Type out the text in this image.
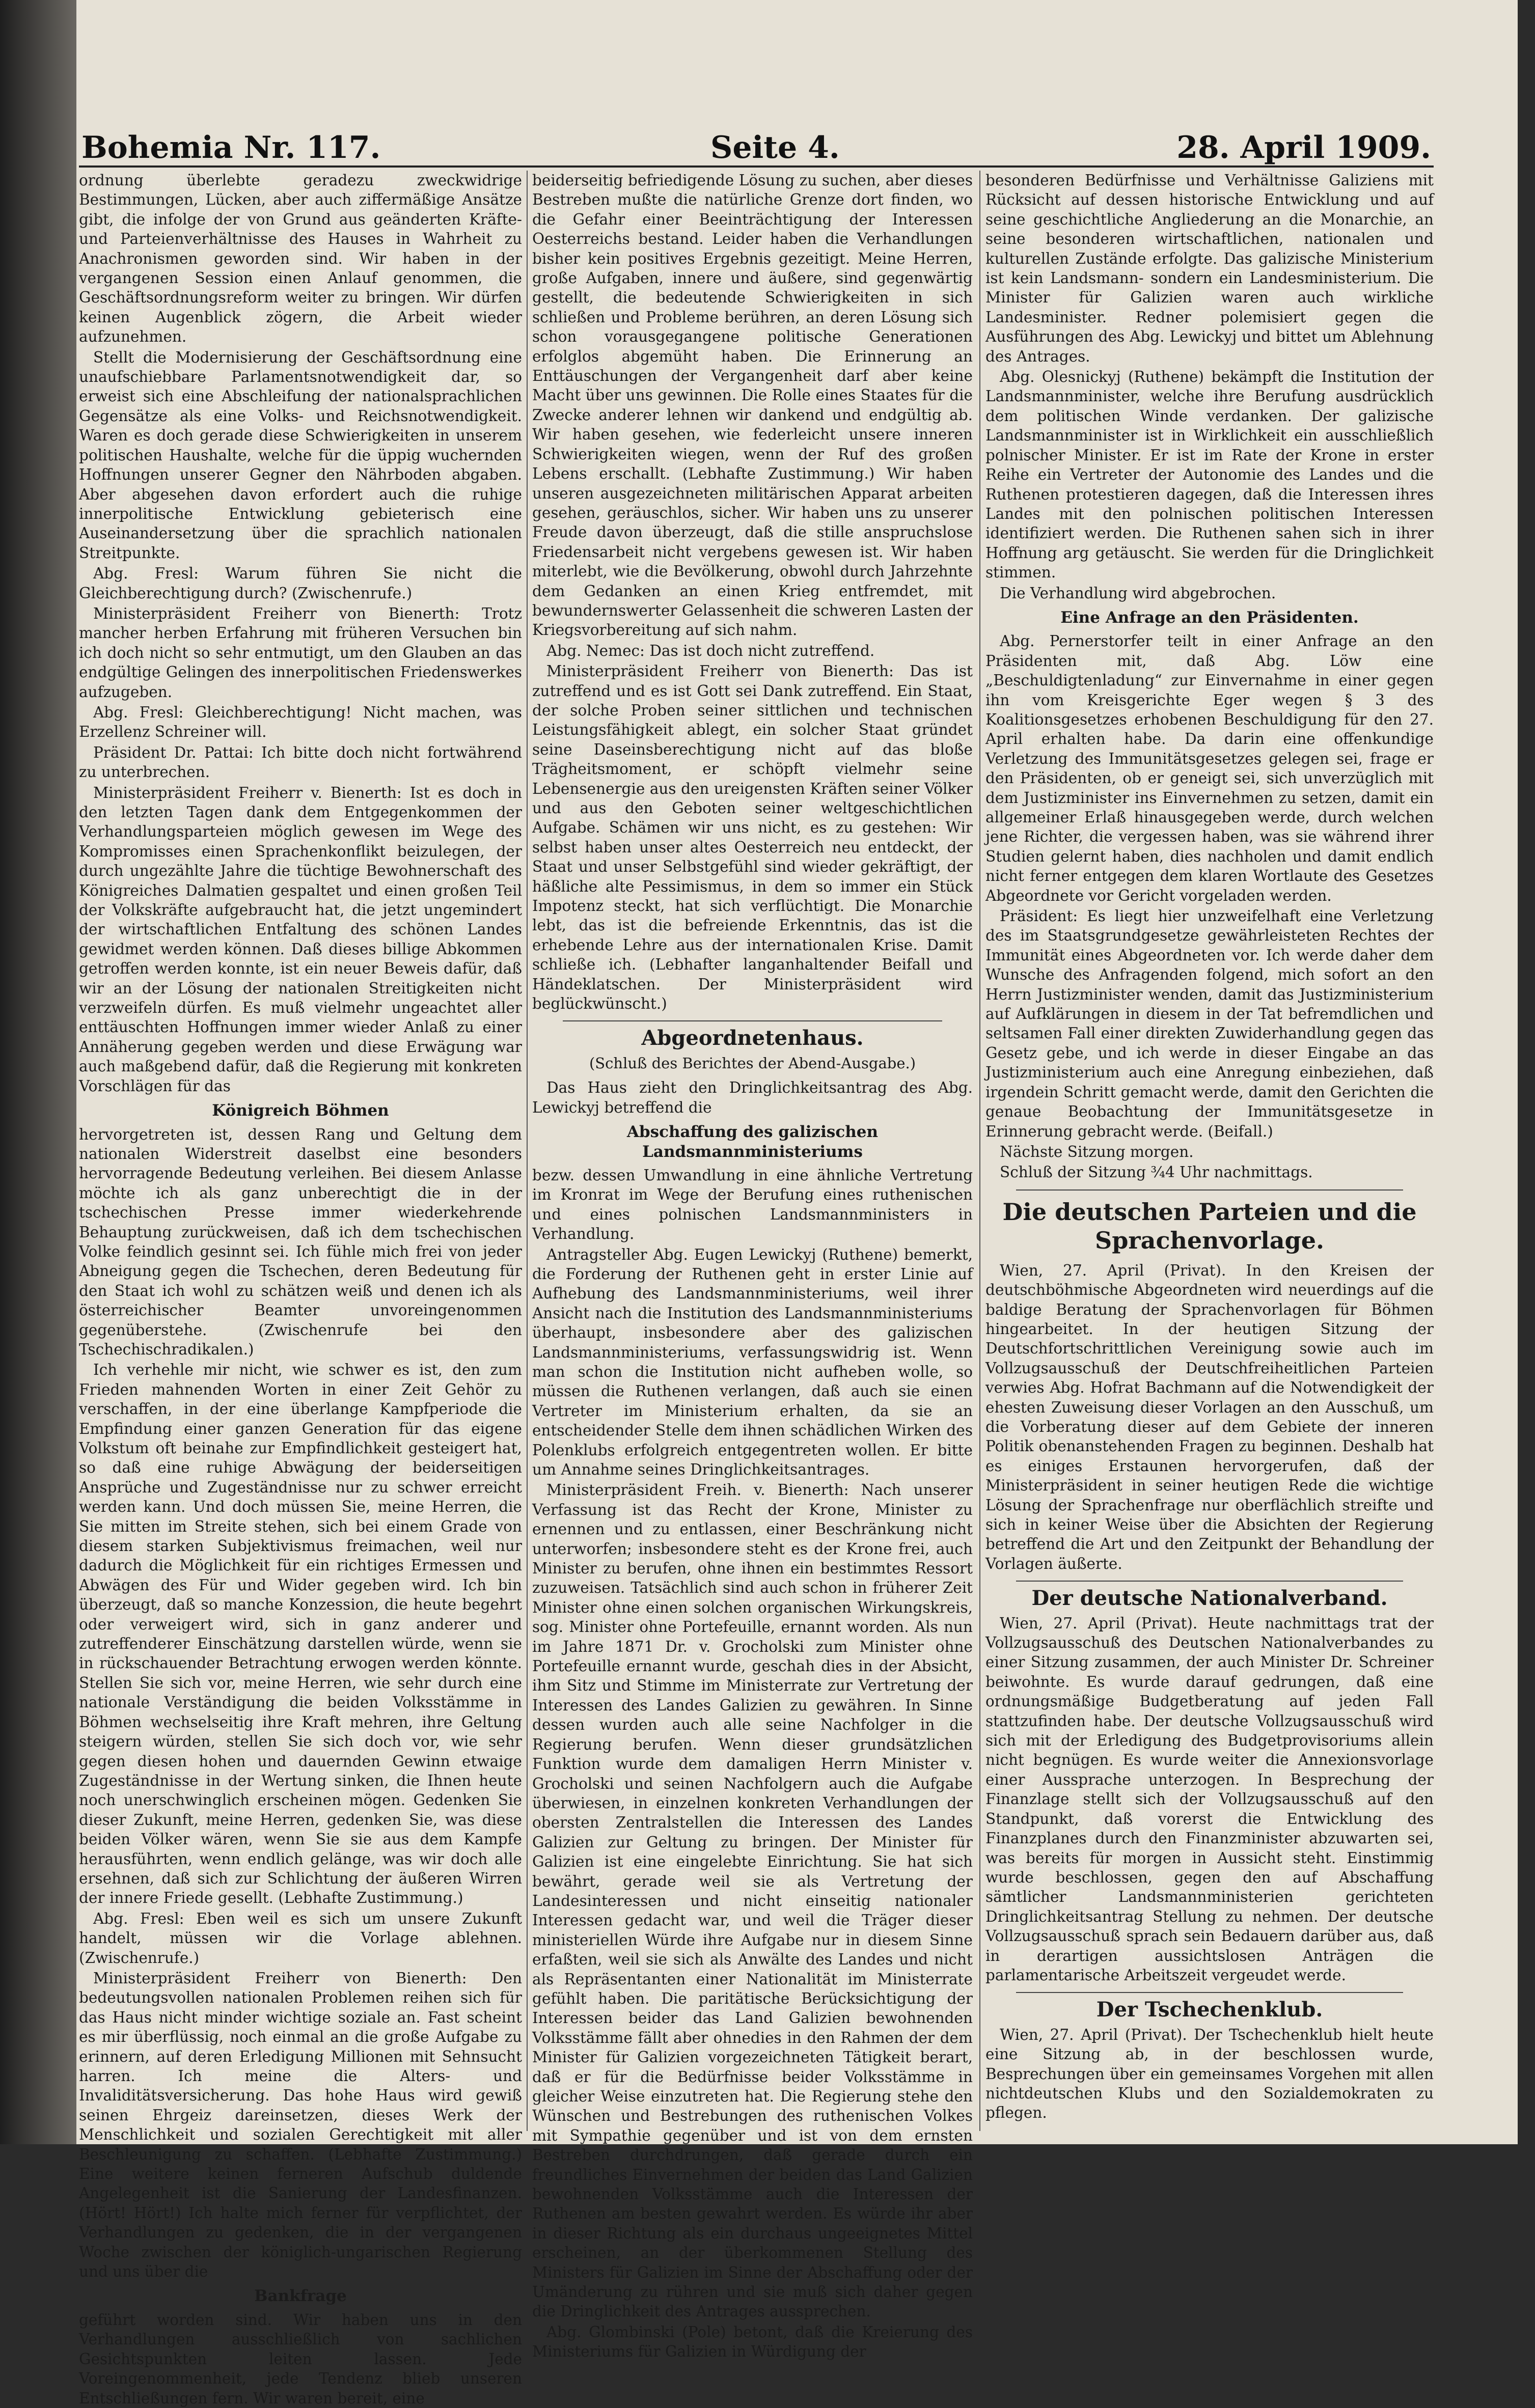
Bohemia Nr. 117.	Seite 4.	28. April 1909.

ordnung überlebte geradezu zweckwidrige Bestimmungen, Lücken, aber auch ziffermäßige Ansätze gibt, die infolge der von Grund aus geänderten Kräfte- und Parteienverhältnisse des Hauses in Wahrheit zu Anachronismen geworden sind. Wir haben in der vergangenen Session einen Anlauf genommen, die Geschäftsordnungsreform weiter zu bringen. Wir dürfen keinen Augenblick zögern, die Arbeit wieder aufzunehmen.

Stellt die Modernisierung der Geschäftsordnung eine unaufschiebbare Parlamentsnotwendigkeit dar, so erweist sich eine Abschleifung der nationalsprachlichen Gegensätze als eine Volks- und Reichsnotwendigkeit. Waren es doch gerade diese Schwierigkeiten in unserem politischen Haushalte, welche für die üppig wuchernden Hoffnungen unserer Gegner den Nährboden abgaben. Aber abgesehen davon erfordert auch die ruhige innerpolitische Entwicklung gebieterisch eine Auseinandersetzung über die sprachlich nationalen Streitpunkte.

Abg. Fresl: Warum führen Sie nicht die Gleichberechtigung durch? (Zwischenrufe.)

Ministerpräsident Freiherr von Bienerth: Trotz mancher herben Erfahrung mit früheren Versuchen bin ich doch nicht so sehr entmutigt, um den Glauben an das endgültige Gelingen des innerpolitischen Friedenswerkes aufzugeben.

Abg. Fresl: Gleichberechtigung! Nicht machen, was Erzellenz Schreiner will.

Präsident Dr. Pattai: Ich bitte doch nicht fortwährend zu unterbrechen.

Ministerpräsident Freiherr v. Bienerth: Ist es doch in den letzten Tagen dank dem Entgegenkommen der Verhandlungsparteien möglich gewesen im Wege des Kompromisses einen Sprachenkonflikt beizulegen, der durch ungezählte Jahre die tüchtige Bewohnerschaft des Königreiches Dalmatien gespaltet und einen großen Teil der Volkskräfte aufgebraucht hat, die jetzt ungemindert der wirtschaftlichen Entfaltung des schönen Landes gewidmet werden können. Daß dieses billige Abkommen getroffen werden konnte, ist ein neuer Beweis dafür, daß wir an der Lösung der nationalen Streitigkeiten nicht verzweifeln dürfen. Es muß vielmehr ungeachtet aller enttäuschten Hoffnungen immer wieder Anlaß zu einer Annäherung gegeben werden und diese Erwägung war auch maßgebend dafür, daß die Regierung mit konkreten Vorschlägen für das

Königreich Böhmen

hervorgetreten ist, dessen Rang und Geltung dem nationalen Widerstreit daselbst eine besonders hervorragende Bedeutung verleihen. Bei diesem Anlasse möchte ich als ganz unberechtigt die in der tschechischen Presse immer wiederkehrende Behauptung zurückweisen, daß ich dem tschechischen Volke feindlich gesinnt sei. Ich fühle mich frei von jeder Abneigung gegen die Tschechen, deren Bedeutung für den Staat ich wohl zu schätzen weiß und denen ich als österreichischer Beamter unvoreingenommen gegenüberstehe. (Zwischenrufe bei den Tschechischradikalen.)

Ich verhehle mir nicht, wie schwer es ist, den zum Frieden mahnenden Worten in einer Zeit Gehör zu verschaffen, in der eine überlange Kampfperiode die Empfindung einer ganzen Generation für das eigene Volkstum oft beinahe zur Empfindlichkeit gesteigert hat, so daß eine ruhige Abwägung der beiderseitigen Ansprüche und Zugeständnisse nur zu schwer erreicht werden kann. Und doch müssen Sie, meine Herren, die Sie mitten im Streite stehen, sich bei einem Grade von diesem starken Subjektivismus freimachen, weil nur dadurch die Möglichkeit für ein richtiges Ermessen und Abwägen des Für und Wider gegeben wird. Ich bin überzeugt, daß so manche Konzession, die heute begehrt oder verweigert wird, sich in ganz anderer und zutreffenderer Einschätzung darstellen würde, wenn sie in rückschauender Betrachtung erwogen werden könnte. Stellen Sie sich vor, meine Herren, wie sehr durch eine nationale Verständigung die beiden Volksstämme in Böhmen wechselseitig ihre Kraft mehren, ihre Geltung steigern würden, stellen Sie sich doch vor, wie sehr gegen diesen hohen und dauernden Gewinn etwaige Zugeständnisse in der Wertung sinken, die Ihnen heute noch unerschwinglich erscheinen mögen. Gedenken Sie dieser Zukunft, meine Herren, gedenken Sie, was diese beiden Völker wären, wenn Sie sie aus dem Kampfe herausführten, wenn endlich gelänge, was wir doch alle ersehnen, daß sich zur Schlichtung der äußeren Wirren der innere Friede gesellt. (Lebhafte Zustimmung.)

Abg. Fresl: Eben weil es sich um unsere Zukunft handelt, müssen wir die Vorlage ablehnen. (Zwischenrufe.)

Ministerpräsident Freiherr von Bienerth: Den bedeutungsvollen nationalen Problemen reihen sich für das Haus nicht minder wichtige soziale an. Fast scheint es mir überflüssig, noch einmal an die große Aufgabe zu erinnern, auf deren Erledigung Millionen mit Sehnsucht harren. Ich meine die Alters- und Invaliditätsversicherung. Das hohe Haus wird gewiß seinen Ehrgeiz dareinsetzen, dieses Werk der Menschlichkeit und sozialen Gerechtigkeit mit aller Beschleunigung zu schaffen. (Lebhafte Zustimmung.) Eine weitere keinen ferneren Aufschub duldende Angelegenheit ist die Sanierung der Landesfinanzen. (Hört! Hört!) Ich halte mich ferner für verpflichtet, der Verhandlungen zu gedenken, die in der vergangenen Woche zwischen der königlich-ungarischen Regierung und uns über die

Bankfrage

geführt worden sind. Wir haben uns in den Verhandlungen ausschließlich von sachlichen Gesichtspunkten leiten lassen. Jede Voreingenommenheit, jede Tendenz blieb unseren Entschließungen fern. Wir waren bereit, eine

beiderseitig befriedigende Lösung zu suchen, aber dieses Bestreben mußte die natürliche Grenze dort finden, wo die Gefahr einer Beeinträchtigung der Interessen Oesterreichs bestand. Leider haben die Verhandlungen bisher kein positives Ergebnis gezeitigt. Meine Herren, große Aufgaben, innere und äußere, sind gegenwärtig gestellt, die bedeutende Schwierigkeiten in sich schließen und Probleme berühren, an deren Lösung sich schon vorausgegangene politische Generationen erfolglos abgemüht haben. Die Erinnerung an Enttäuschungen der Vergangenheit darf aber keine Macht über uns gewinnen. Die Rolle eines Staates für die Zwecke anderer lehnen wir dankend und endgültig ab. Wir haben gesehen, wie federleicht unsere inneren Schwierigkeiten wiegen, wenn der Ruf des großen Lebens erschallt. (Lebhafte Zustimmung.) Wir haben unseren ausgezeichneten militärischen Apparat arbeiten gesehen, geräuschlos, sicher. Wir haben uns zu unserer Freude davon überzeugt, daß die stille anspruchslose Friedensarbeit nicht vergebens gewesen ist. Wir haben miterlebt, wie die Bevölkerung, obwohl durch Jahrzehnte dem Gedanken an einen Krieg entfremdet, mit bewundernswerter Gelassenheit die schweren Lasten der Kriegsvorbereitung auf sich nahm.

Abg. Nemec: Das ist doch nicht zutreffend.

Ministerpräsident Freiherr von Bienerth: Das ist zutreffend und es ist Gott sei Dank zutreffend. Ein Staat, der solche Proben seiner sittlichen und technischen Leistungsfähigkeit ablegt, ein solcher Staat gründet seine Daseinsberechtigung nicht auf das bloße Trägheitsmoment, er schöpft vielmehr seine Lebensenergie aus den ureigensten Kräften seiner Völker und aus den Geboten seiner weltgeschichtlichen Aufgabe. Schämen wir uns nicht, es zu gestehen: Wir selbst haben unser altes Oesterreich neu entdeckt, der Staat und unser Selbstgefühl sind wieder gekräftigt, der häßliche alte Pessimismus, in dem so immer ein Stück Impotenz steckt, hat sich verflüchtigt. Die Monarchie lebt, das ist die befreiende Erkenntnis, das ist die erhebende Lehre aus der internationalen Krise. Damit schließe ich. (Lebhafter langanhaltender Beifall und Händeklatschen. Der Ministerpräsident wird beglückwünscht.)

Abgeordnetenhaus.
(Schluß des Berichtes der Abend-Ausgabe.)

Das Haus zieht den Dringlichkeitsantrag des Abg. Lewickyj betreffend die

Abschaffung des galizischen Landsmannministeriums

bezw. dessen Umwandlung in eine ähnliche Vertretung im Kronrat im Wege der Berufung eines ruthenischen und eines polnischen Landsmannministers in Verhandlung.

Antragsteller Abg. Eugen Lewickyj (Ruthene) bemerkt, die Forderung der Ruthenen geht in erster Linie auf Aufhebung des Landsmannministeriums, weil ihrer Ansicht nach die Institution des Landsmannministeriums überhaupt, insbesondere aber des galizischen Landsmannministeriums, verfassungswidrig ist. Wenn man schon die Institution nicht aufheben wolle, so müssen die Ruthenen verlangen, daß auch sie einen Vertreter im Ministerium erhalten, da sie an entscheidender Stelle dem ihnen schädlichen Wirken des Polenklubs erfolgreich entgegentreten wollen. Er bitte um Annahme seines Dringlichkeitsantrages.

Ministerpräsident Freih. v. Bienerth: Nach unserer Verfassung ist das Recht der Krone, Minister zu ernennen und zu entlassen, einer Beschränkung nicht unterworfen; insbesondere steht es der Krone frei, auch Minister zu berufen, ohne ihnen ein bestimmtes Ressort zuzuweisen. Tatsächlich sind auch schon in früherer Zeit Minister ohne einen solchen organischen Wirkungskreis, sog. Minister ohne Portefeuille, ernannt worden. Als nun im Jahre 1871 Dr. v. Grocholski zum Minister ohne Portefeuille ernannt wurde, geschah dies in der Absicht, ihm Sitz und Stimme im Ministerrate zur Vertretung der Interessen des Landes Galizien zu gewähren. In Sinne dessen wurden auch alle seine Nachfolger in die Regierung berufen. Wenn dieser grundsätzlichen Funktion wurde dem damaligen Herrn Minister v. Grocholski und seinen Nachfolgern auch die Aufgabe überwiesen, in einzelnen konkreten Verhandlungen der obersten Zentralstellen die Interessen des Landes Galizien zur Geltung zu bringen. Der Minister für Galizien ist eine eingelebte Einrichtung. Sie hat sich bewährt, gerade weil sie als Vertretung der Landesinteressen und nicht einseitig nationaler Interessen gedacht war, und weil die Träger dieser ministeriellen Würde ihre Aufgabe nur in diesem Sinne erfaßten, weil sie sich als Anwälte des Landes und nicht als Repräsentanten einer Nationalität im Ministerrate gefühlt haben. Die paritätische Berücksichtigung der Interessen beider das Land Galizien bewohnenden Volksstämme fällt aber ohnedies in den Rahmen der dem Minister für Galizien vorgezeichneten Tätigkeit berart, daß er für die Bedürfnisse beider Volksstämme in gleicher Weise einzutreten hat. Die Regierung stehe den Wünschen und Bestrebungen des ruthenischen Volkes mit Sympathie gegenüber und ist von dem ernsten Bestreben durchdrungen, daß gerade durch ein freundliches Einvernehmen der beiden das Land Galizien bewohnenden Volksstämme auch die Interessen der Ruthenen am besten gewahrt werden. Es würde ihr aber in dieser Richtung als ein durchaus ungeeignetes Mittel erscheinen, an der überkommenen Stellung des Ministers für Galizien im Sinne der Abschaffung oder der Umänderung zu rühren und sie muß sich daher gegen die Dringlichkeit des Antrages aussprechen.

Abg. Glombinski (Pole) betont, daß die Kreierung des Ministeriums für Galizien in Würdigung der

besonderen Bedürfnisse und Verhältnisse Galiziens mit Rücksicht auf dessen historische Entwicklung und auf seine geschichtliche Angliederung an die Monarchie, an seine besonderen wirtschaftlichen, nationalen und kulturellen Zustände erfolgte. Das galizische Ministerium ist kein Landsmann- sondern ein Landesministerium. Die Minister für Galizien waren auch wirkliche Landesminister. Redner polemisiert gegen die Ausführungen des Abg. Lewickyj und bittet um Ablehnung des Antrages.

Abg. Olesnickyj (Ruthene) bekämpft die Institution der Landsmannminister, welche ihre Berufung ausdrücklich dem politischen Winde verdanken. Der galizische Landsmannminister ist in Wirklichkeit ein ausschließlich polnischer Minister. Er ist im Rate der Krone in erster Reihe ein Vertreter der Autonomie des Landes und die Ruthenen protestieren dagegen, daß die Interessen ihres Landes mit den polnischen politischen Interessen identifiziert werden. Die Ruthenen sahen sich in ihrer Hoffnung arg getäuscht. Sie werden für die Dringlichkeit stimmen.

Die Verhandlung wird abgebrochen.

Eine Anfrage an den Präsidenten.

Abg. Pernerstorfer teilt in einer Anfrage an den Präsidenten mit, daß Abg. Löw eine „Beschuldigtenladung“ zur Einvernahme in einer gegen ihn vom Kreisgerichte Eger wegen § 3 des Koalitionsgesetzes erhobenen Beschuldigung für den 27. April erhalten habe. Da darin eine offenkundige Verletzung des Immunitätsgesetzes gelegen sei, frage er den Präsidenten, ob er geneigt sei, sich unverzüglich mit dem Justizminister ins Einvernehmen zu setzen, damit ein allgemeiner Erlaß hinausgegeben werde, durch welchen jene Richter, die vergessen haben, was sie während ihrer Studien gelernt haben, dies nachholen und damit endlich nicht ferner entgegen dem klaren Wortlaute des Gesetzes Abgeordnete vor Gericht vorgeladen werden.

Präsident: Es liegt hier unzweifelhaft eine Verletzung des im Staatsgrundgesetze gewährleisteten Rechtes der Immunität eines Abgeordneten vor. Ich werde daher dem Wunsche des Anfragenden folgend, mich sofort an den Herrn Justizminister wenden, damit das Justizministerium auf Aufklärungen in diesem in der Tat befremdlichen und seltsamen Fall einer direkten Zuwiderhandlung gegen das Gesetz gebe, und ich werde in dieser Eingabe an das Justizministerium auch eine Anregung einbeziehen, daß irgendein Schritt gemacht werde, damit den Gerichten die genaue Beobachtung der Immunitätsgesetze in Erinnerung gebracht werde. (Beifall.)

Nächste Sitzung morgen.

Schluß der Sitzung ¾4 Uhr nachmittags.

Die deutschen Parteien und die Sprachenvorlage.

Wien, 27. April (Privat). In den Kreisen der deutschböhmische Abgeordneten wird neuerdings auf die baldige Beratung der Sprachenvorlagen für Böhmen hingearbeitet. In der heutigen Sitzung der Deutschfortschrittlichen Vereinigung sowie auch im Vollzugsausschuß der Deutschfreiheitlichen Parteien verwies Abg. Hofrat Bachmann auf die Notwendigkeit der ehesten Zuweisung dieser Vorlagen an den Ausschuß, um die Vorberatung dieser auf dem Gebiete der inneren Politik obenanstehenden Fragen zu beginnen. Deshalb hat es einiges Erstaunen hervorgerufen, daß der Ministerpräsident in seiner heutigen Rede die wichtige Lösung der Sprachenfrage nur oberflächlich streifte und sich in keiner Weise über die Absichten der Regierung betreffend die Art und den Zeitpunkt der Behandlung der Vorlagen äußerte.

Der deutsche Nationalverband.

Wien, 27. April (Privat). Heute nachmittags trat der Vollzugsausschuß des Deutschen Nationalverbandes zu einer Sitzung zusammen, der auch Minister Dr. Schreiner beiwohnte. Es wurde darauf gedrungen, daß eine ordnungsmäßige Budgetberatung auf jeden Fall stattzufinden habe. Der deutsche Vollzugsausschuß wird sich mit der Erledigung des Budgetprovisoriums allein nicht begnügen. Es wurde weiter die Annexionsvorlage einer Aussprache unterzogen. In Besprechung der Finanzlage stellt sich der Vollzugsausschuß auf den Standpunkt, daß vorerst die Entwicklung des Finanzplanes durch den Finanzminister abzuwarten sei, was bereits für morgen in Aussicht steht. Einstimmig wurde beschlossen, gegen den auf Abschaffung sämtlicher Landsmannministerien gerichteten Dringlichkeitsantrag Stellung zu nehmen. Der deutsche Vollzugsausschuß sprach sein Bedauern darüber aus, daß in derartigen aussichtslosen Anträgen die parlamentarische Arbeitszeit vergeudet werde.

Der Tschechenklub.

Wien, 27. April (Privat). Der Tschechenklub hielt heute eine Sitzung ab, in der beschlossen wurde, Besprechungen über ein gemeinsames Vorgehen mit allen nichtdeutschen Klubs und den Sozialdemokraten zu pflegen.
